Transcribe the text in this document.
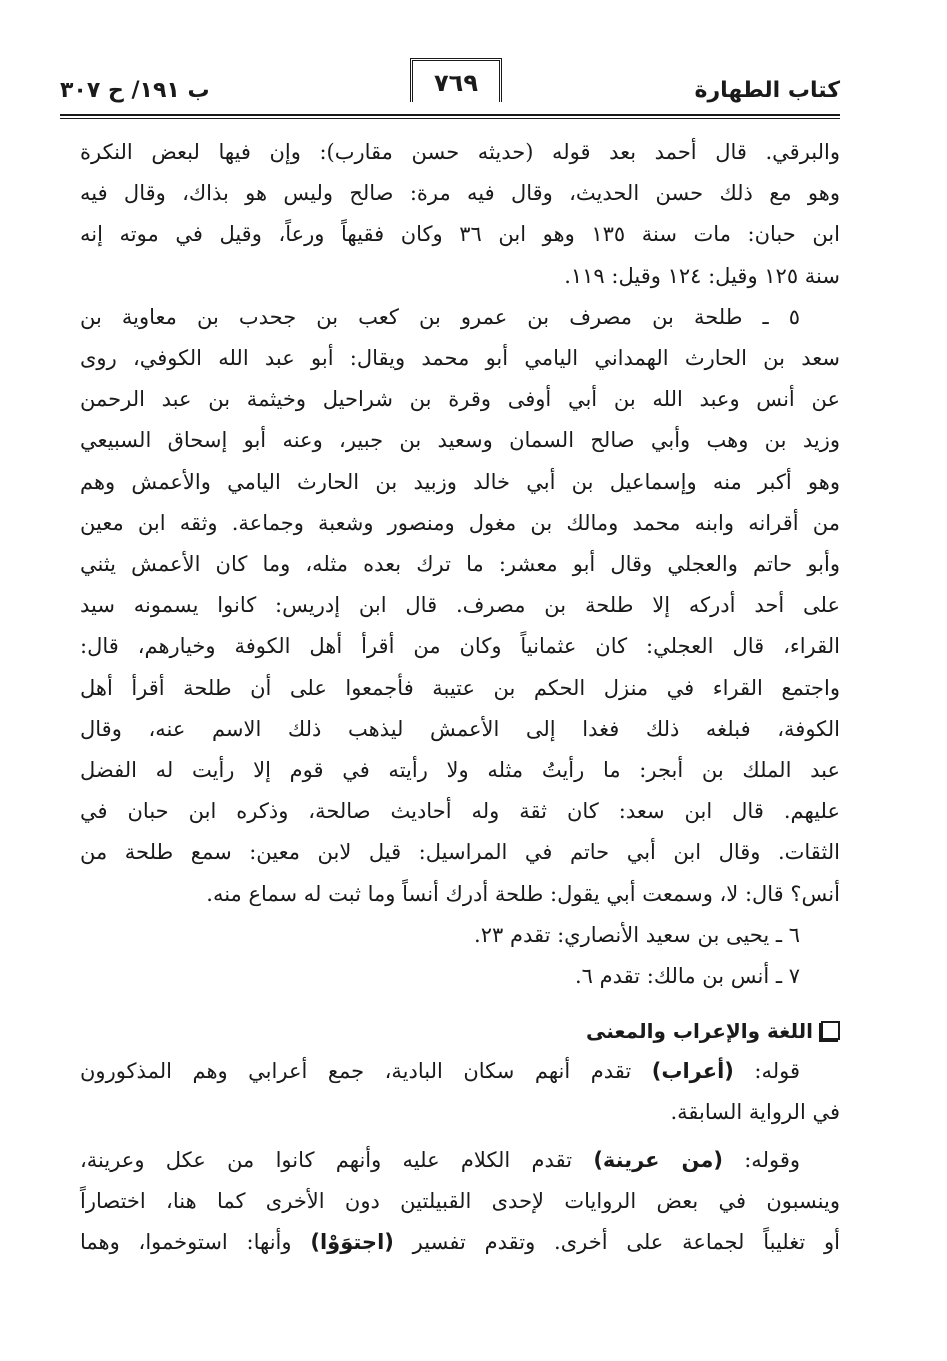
كتاب الطهارة
٧٦٩
ب ١٩١/ ح ٣٠٧
والبرقي. قال أحمد بعد قوله (حديثه حسن مقارب): وإن فيها لبعض النكرة
وهو مع ذلك حسن الحديث، وقال فيه مرة: صالح وليس هو بذاك، وقال فيه
ابن حبان: مات سنة ١٣٥ وهو ابن ٣٦ وكان فقيهاً ورعاً، وقيل في موته إنه
سنة ١٢٥ وقيل: ١٢٤ وقيل: ١١٩.
٥ ـ طلحة بن مصرف بن عمرو بن كعب بن جحدب بن معاوية بن
سعد بن الحارث الهمداني اليامي أبو محمد ويقال: أبو عبد الله الكوفي، روى
عن أنس وعبد الله بن أبي أوفى وقرة بن شراحيل وخيثمة بن عبد الرحمن
وزيد بن وهب وأبي صالح السمان وسعيد بن جبير، وعنه أبو إسحاق السبيعي
وهو أكبر منه وإسماعيل بن أبي خالد وزبيد بن الحارث اليامي والأعمش وهم
من أقرانه وابنه محمد ومالك بن مغول ومنصور وشعبة وجماعة. وثقه ابن معين
وأبو حاتم والعجلي وقال أبو معشر: ما ترك بعده مثله، وما كان الأعمش يثني
على أحد أدركه إلا طلحة بن مصرف. قال ابن إدريس: كانوا يسمونه سيد
القراء، قال العجلي: كان عثمانياً وكان من أقرأ أهل الكوفة وخيارهم، قال:
واجتمع القراء في منزل الحكم بن عتيبة فأجمعوا على أن طلحة أقرأ أهل
الكوفة، فبلغه ذلك فغدا إلى الأعمش ليذهب ذلك الاسم عنه، وقال
عبد الملك بن أبجر: ما رأيتُ مثله ولا رأيته في قوم إلا رأيت له الفضل
عليهم. قال ابن سعد: كان ثقة وله أحاديث صالحة، وذكره ابن حبان في
الثقات. وقال ابن أبي حاتم في المراسيل: قيل لابن معين: سمع طلحة من
أنس؟ قال: لا، وسمعت أبي يقول: طلحة أدرك أنساً وما ثبت له سماع منه.
٦ ـ يحيى بن سعيد الأنصاري: تقدم ٢٣.
٧ ـ أنس بن مالك: تقدم ٦.
اللغة والإعراب والمعنى
قوله: (أعراب) تقدم أنهم سكان البادية، جمع أعرابي وهم المذكورون
في الرواية السابقة.
وقوله: (من عرينة) تقدم الكلام عليه وأنهم كانوا من عكل وعرينة،
وينسبون في بعض الروايات لإحدى القبيلتين دون الأخرى كما هنا، اختصاراً
أو تغليباً لجماعة على أخرى. وتقدم تفسير (اجتوَوْا) وأنها: استوخموا، وهما
